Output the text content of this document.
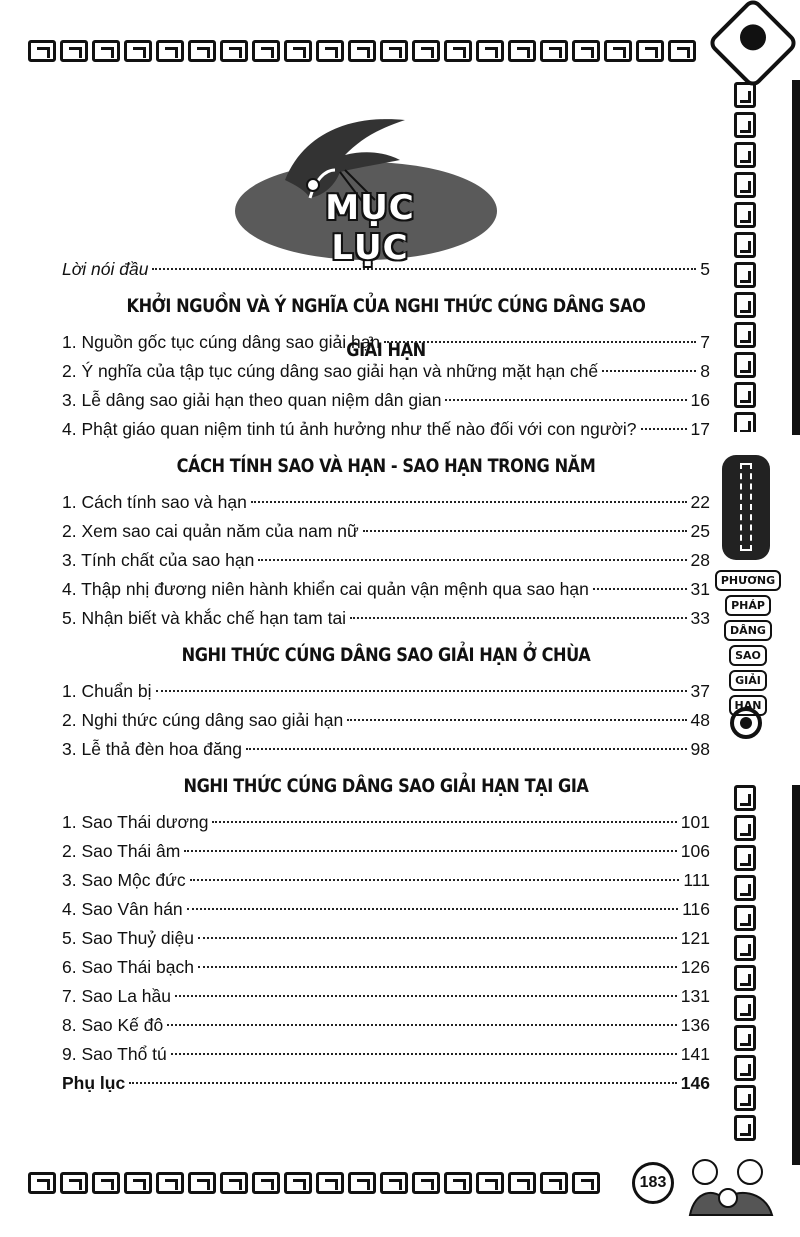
PHƯƠNG
PHÁP
DÂNG
SAO
GIẢI
HẠN
MỤC LỤC
Lời nói đầu	5
KHỞI NGUỒN VÀ Ý NGHĨA CỦA NGHI THỨC CÚNG DÂNG SAO GIẢI HẠN
1. Nguồn gốc tục cúng dâng sao giải hạn	7
2. Ý nghĩa của tập tục cúng dâng sao giải hạn và những mặt hạn chế	8
3. Lễ dâng sao giải hạn theo quan niệm dân gian	16
4. Phật giáo quan niệm tinh tú ảnh hưởng như thế nào đối với con người?	17
CÁCH TÍNH SAO VÀ HẠN - SAO HẠN TRONG NĂM
1. Cách tính sao và hạn	22
2. Xem sao cai quản năm của nam nữ	25
3. Tính chất của sao hạn	28
4. Thập nhị đương niên hành khiển cai quản vận mệnh qua sao hạn	31
5. Nhận biết và khắc chế hạn tam tai	33
NGHI THỨC CÚNG DÂNG SAO GIẢI HẠN Ở CHÙA
1. Chuẩn bị	37
2. Nghi thức cúng dâng sao giải hạn	48
3. Lễ thả đèn hoa đăng	98
NGHI THỨC CÚNG DÂNG SAO GIẢI HẠN TẠI GIA
1. Sao Thái dương	101
2. Sao Thái âm	106
3. Sao Mộc đức	111
4. Sao Vân hán	116
5. Sao Thuỷ diệu	121
6. Sao Thái bạch	126
7. Sao La hầu	131
8. Sao Kế đô	136
9. Sao Thổ tú	141
Phụ lục	146
183
